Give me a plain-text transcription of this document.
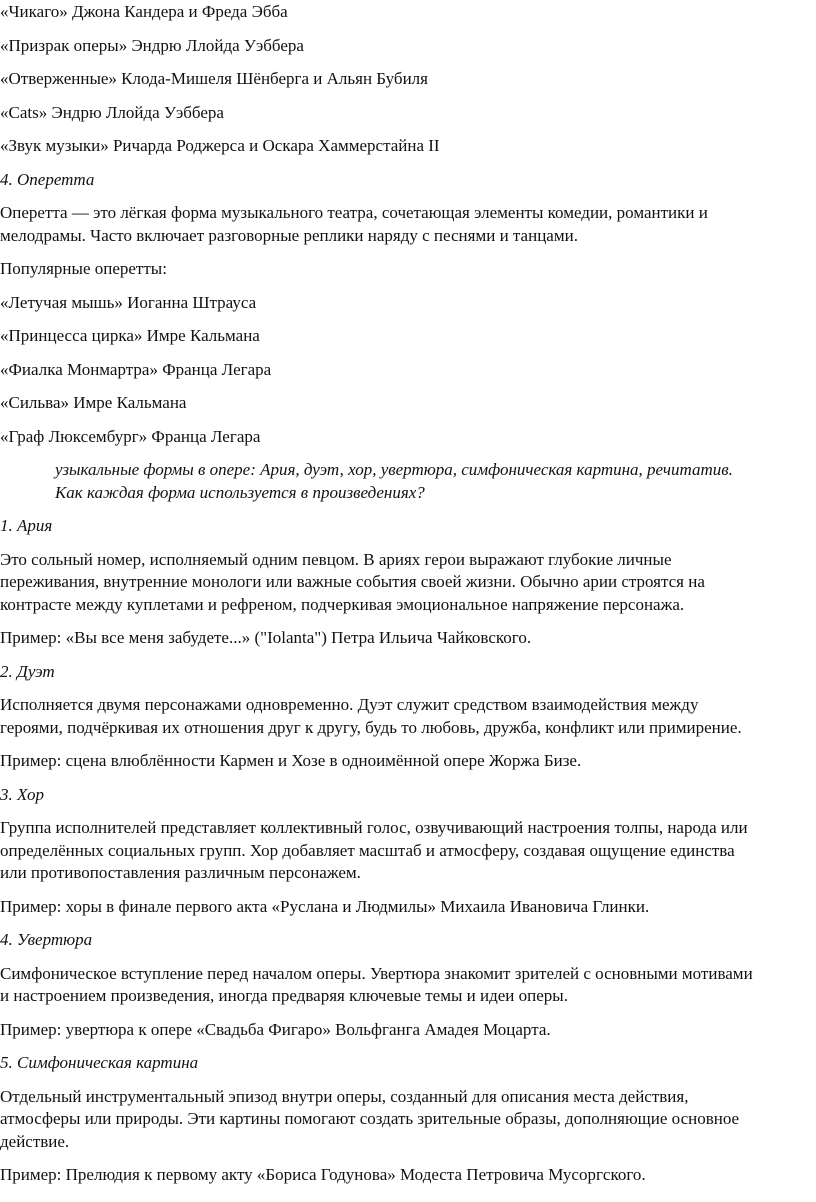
«Чикаго» Джона Кандера и Фреда Эбба
«Призрак оперы» Эндрю Ллойда Уэббера
«Отверженные» Клода-Мишеля Шёнберга и Альян Бубиля
«Cats» Эндрю Ллойда Уэббера
«Звук музыки» Ричарда Роджерса и Оскара Хаммерстайна II
4. Оперетта
Оперетта — это лёгкая форма музыкального театра, сочетающая элементы комедии, романтики и
мелодрамы. Часто включает разговорные реплики наряду с песнями и танцами.
Популярные оперетты:
«Летучая мышь» Иоганна Штрауса
«Принцесса цирка» Имре Кальмана
«Фиалка Монмартра» Франца Легара
«Сильва» Имре Кальмана
«Граф Люксембург» Франца Легара
узыкальные формы в опере: Ария, дуэт, хор, увертюра, симфоническая картина, речитатив.
Как каждая форма используется в произведениях?
1. Ария
Это сольный номер, исполняемый одним певцом. В ариях герои выражают глубокие личные
переживания, внутренние монологи или важные события своей жизни. Обычно арии строятся на
контрасте между куплетами и рефреном, подчеркивая эмоциональное напряжение персонажа.
Пример: «Вы все меня забудете...» ("Iolanta") Петра Ильича Чайковского.
2. Дуэт
Исполняется двумя персонажами одновременно. Дуэт служит средством взаимодействия между
героями, подчёркивая их отношения друг к другу, будь то любовь, дружба, конфликт или примирение.
Пример: сцена влюблённости Кармен и Хозе в одноимённой опере Жоржа Бизе.
3. Хор
Группа исполнителей представляет коллективный голос, озвучивающий настроения толпы, народа или
определённых социальных групп. Хор добавляет масштаб и атмосферу, создавая ощущение единства
или противопоставления различным персонажем.
Пример: хоры в финале первого акта «Руслана и Людмилы» Михаила Ивановича Глинки.
4. Увертюра
Симфоническое вступление перед началом оперы. Увертюра знакомит зрителей с основными мотивами
и настроением произведения, иногда предваряя ключевые темы и идеи оперы.
Пример: увертюра к опере «Свадьба Фигаро» Вольфганга Амадея Моцарта.
5. Симфоническая картина
Отдельный инструментальный эпизод внутри оперы, созданный для описания места действия,
атмосферы или природы. Эти картины помогают создать зрительные образы, дополняющие основное
действие.
Пример: Прелюдия к первому акту «Бориса Годунова» Модеста Петровича Мусоргского.
